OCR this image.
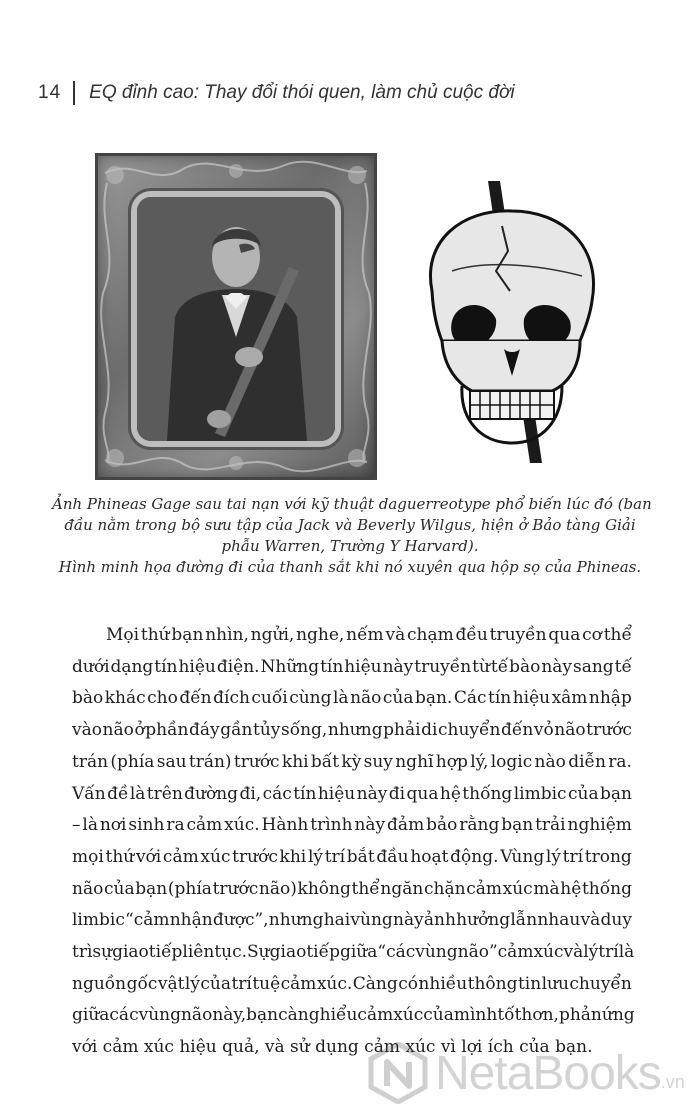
14 EQ đỉnh cao: Thay đổi thói quen, làm chủ cuộc đời
Ảnh Phineas Gage sau tai nạn với kỹ thuật daguerreotype phổ biến lúc đó (ban
đầu nằm trong bộ sưu tập của Jack và Beverly Wilgus, hiện ở Bảo tàng Giải
phẫu Warren, Trường Y Harvard).
Hình minh họa đường đi của thanh sắt khi nó xuyên qua hộp sọ của Phineas.
Mọi thứ bạn nhìn, ngửi, nghe, nếm và chạm đều truyền qua cơ thể
dưới dạng tín hiệu điện. Những tín hiệu này truyền từ tế bào này sang tế
bào khác cho đến đích cuối cùng là não của bạn. Các tín hiệu xâm nhập
vào não ở phần đáy gần tủy sống, nhưng phải di chuyển đến vỏ não trước
trán (phía sau trán) trước khi bất kỳ suy nghĩ hợp lý, logic nào diễn ra.
Vấn đề là trên đường đi, các tín hiệu này đi qua hệ thống limbic của bạn
– là nơi sinh ra cảm xúc. Hành trình này đảm bảo rằng bạn trải nghiệm
mọi thứ với cảm xúc trước khi lý trí bắt đầu hoạt động. Vùng lý trí trong
não của bạn (phía trước não) không thể ngăn chặn cảm xúc mà hệ thống
limbic “cảm nhận được”, nhưng hai vùng này ảnh hưởng lẫn nhau và duy
trì sự giao tiếp liên tục. Sự giao tiếp giữa “các vùng não” cảm xúc và lý trí là
nguồn gốc vật lý của trí tuệ cảm xúc. Càng có nhiều thông tin lưu chuyển
giữa các vùng não này, bạn càng hiểu cảm xúc của mình tốt hơn, phản ứng
với cảm xúc hiệu quả, và sử dụng cảm xúc vì lợi ích của bạn.
NetaBooks .vn
